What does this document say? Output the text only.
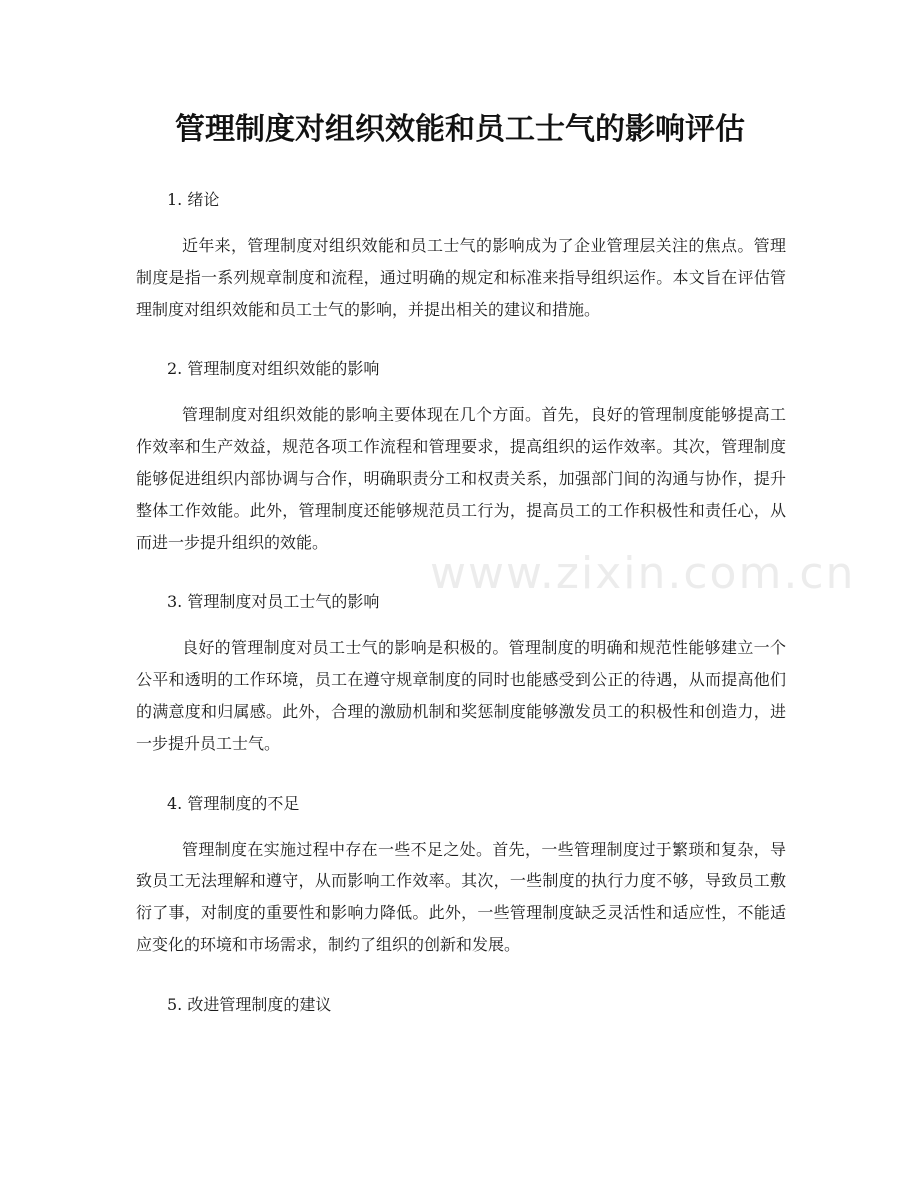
管理制度对组织效能和员工士气的影响评估
www.zixin.com.cn
1. 绪论

近年来，管理制度对组织效能和员工士气的影响成为了企业管理层关注的焦点。管理制度是指一系列规章制度和流程，通过明确的规定和标准来指导组织运作。本文旨在评估管理制度对组织效能和员工士气的影响，并提出相关的建议和措施。

2. 管理制度对组织效能的影响

管理制度对组织效能的影响主要体现在几个方面。首先，良好的管理制度能够提高工作效率和生产效益，规范各项工作流程和管理要求，提高组织的运作效率。其次，管理制度能够促进组织内部协调与合作，明确职责分工和权责关系，加强部门间的沟通与协作，提升整体工作效能。此外，管理制度还能够规范员工行为，提高员工的工作积极性和责任心，从而进一步提升组织的效能。

3. 管理制度对员工士气的影响

良好的管理制度对员工士气的影响是积极的。管理制度的明确和规范性能够建立一个公平和透明的工作环境，员工在遵守规章制度的同时也能感受到公正的待遇，从而提高他们的满意度和归属感。此外，合理的激励机制和奖惩制度能够激发员工的积极性和创造力，进一步提升员工士气。

4. 管理制度的不足

管理制度在实施过程中存在一些不足之处。首先，一些管理制度过于繁琐和复杂，导致员工无法理解和遵守，从而影响工作效率。其次，一些制度的执行力度不够，导致员工敷衍了事，对制度的重要性和影响力降低。此外，一些管理制度缺乏灵活性和适应性，不能适应变化的环境和市场需求，制约了组织的创新和发展。

5. 改进管理制度的建议
